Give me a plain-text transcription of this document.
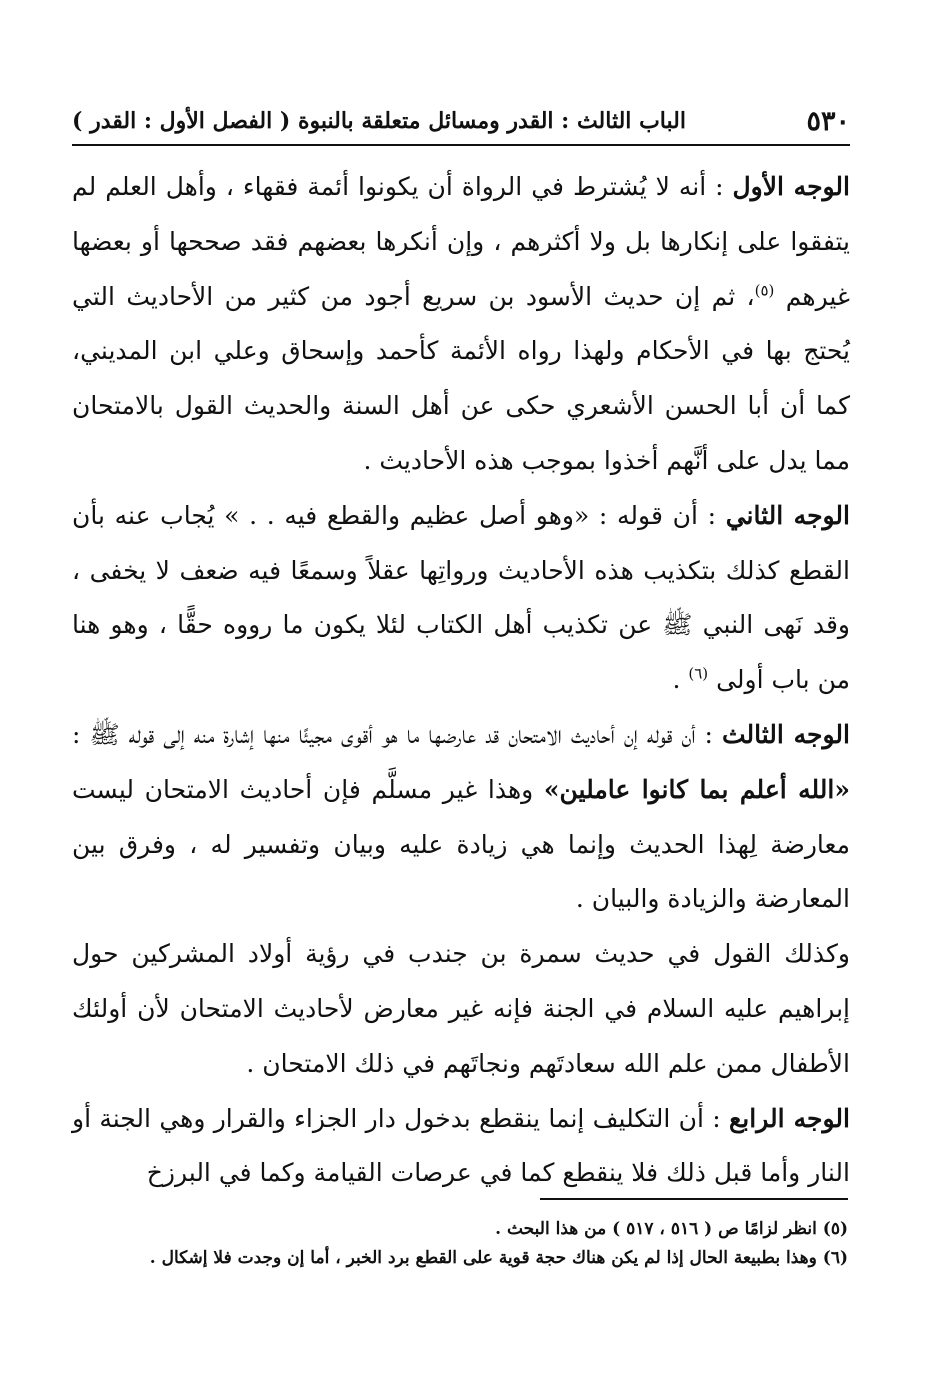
٥٣٠
الباب الثالث : القدر ومسائل متعلقة بالنبوة ( الفصل الأول : القدر )

الوجه الأول : أنه لا يُشترط في الرواة أن يكونوا أئمة فقهاء ، وأهل العلم لم يتفقوا على إنكارها بل ولا أكثرهم ، وإن أنكرها بعضهم فقد صححها أو بعضها غيرهم $^{(٥)}$، ثم إن حديث الأسود بن سريع أجود من كثير من الأحاديث التي يُحتج بها في الأحكام ولهذا رواه الأئمة كأحمد وإسحاق وعلي ابن المديني، كما أن أبا الحسن الأشعري حكى عن أهل السنة والحديث القول بالامتحان مما يدل على أنَّهم أخذوا بموجب هذه الأحاديث .

الوجه الثاني : أن قوله : «وهو أصل عظيم والقطع فيه . . » يُجاب عنه بأن القطع كذلك بتكذيب هذه الأحاديث ورواتِها عقلاً وسمعًا فيه ضعف لا يخفى ، وقد نَهى النبي ﷺ عن تكذيب أهل الكتاب لئلا يكون ما رووه حقًّا ، وهو هنا من باب أولى $^{(٦)}$ .

الوجه الثالث : أن قوله إن أحاديث الامتحان قد عارضها ما هو أقوى مجيئًا منها إشارة منه إلى قوله ﷺ : «الله أعلم بما كانوا عاملين» وهذا غير مسلَّم فإن أحاديث الامتحان ليست معارضة لِهذا الحديث وإنما هي زيادة عليه وبيان وتفسير له ، وفرق بين المعارضة والزيادة والبيان .

وكذلك القول في حديث سمرة بن جندب في رؤية أولاد المشركين حول إبراهيم عليه السلام في الجنة فإنه غير معارض لأحاديث الامتحان لأن أولئك الأطفال ممن علم الله سعادتَهم ونجاتَهم في ذلك الامتحان .

الوجه الرابع : أن التكليف إنما ينقطع بدخول دار الجزاء والقرار وهي الجنة أو النار وأما قبل ذلك فلا ينقطع كما في عرصات القيامة وكما في البرزخ

(٥) انظر لزامًا ص ( ٥١٦ ، ٥١٧ ) من هذا البحث .

(٦) وهذا بطبيعة الحال إذا لم يكن هناك حجة قوية على القطع برد الخبر ، أما إن وجدت فلا إشكال .
